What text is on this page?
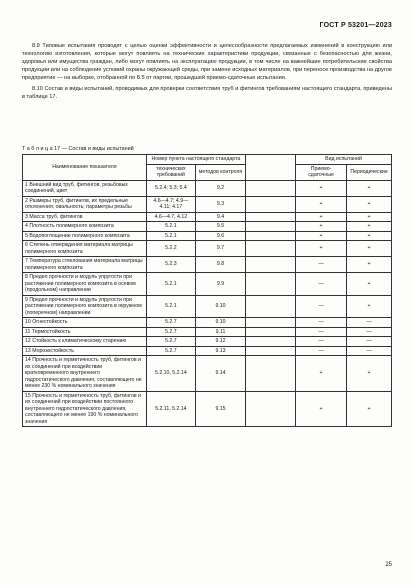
ГОСТ Р 53201—2023

8.9 Типовые испытания проводят с целью оценки эффективности и целесообразности предлагаемых изменений в конструкцию или технологию изготовления, которые могут повлиять на технические характеристики продукции, связанные с безопасностью для жизни, здоровья или имущества граждан, либо могут повлиять на эксплуатацию продукции, в том числе на важнейшие потребительские свойства продукции или на соблюдение условий охраны окружающей среды, при замене исходных материалов, при переносе производства на другое предприятие — на выборке, отобранной по 8.5 от партии, прошедшей приемо-сдаточные испытания.

8.10 Состав и виды испытаний, проводимых для проверки соответствия труб и фитингов требованиям настоящего стандарта, приведены в таблице 17.

Т а б л и ц а 17 — Состав и виды испытаний
Наименование показателя	Номер пункта настоящего стандарта			Вид испытаний	
	технических требований	методов контроля		Приемо-сдаточные	Периодические
1 Внешний вид труб, фитингов, резьбовых соединений, цвет	5.2.4; 5.3; 5.4	9.2		+	+
2 Размеры труб, фитингов, их предельные отклонения; овальность; параметры резьбы	4.6—4.7; 4.9—4.11; 4.17	9.3		+	+
3 Масса труб, фитингов	4.6—4.7, 4.12	9.4		+	+
4 Плотность полимерного композита	5.2.1	9.5		+	+
5 Водопоглощение полимерного композита	5.2.1	9.6		+	+
6 Степень отверждения материала матрицы полимерного композита	5.2.2	9.7		+	+
7 Температура стеклования материала матрицы полимерного композита	5.2.3	9.8		—	+
8 Предел прочности и модуль упругости при растяжении полимерного композита в осевом (продольном) направлении	5.2.1	9.9		—	+
9 Предел прочности и модуль упругости при растяжении полимерного композита в окружном (поперечном) направлении	5.2.1	9.10		—	+
10 Огнестойкость	5.2.7	9.10		—	—
11 Термостойкость	5.2.7	9.11		—	—
12 Стойкость к климатическому старению	5.2.7	9.12		—	—
13 Морозостойкость	5.2.7	9.13		—	—
14 Прочность и герметичность труб, фитингов и их соединений при воздействии кратковременного внутреннего гидростатического давления, составляющего не менее 230 % номинального значения	5.2.10, 5.2.14	9.14		+	+
15 Прочность и герметичность труб, фитингов и их соединений при воздействии постоянного внутреннего гидростатического давления, составляющего не менее 190 % номинального значения	5.2.11, 5.2.14	9.15		+	+
25
